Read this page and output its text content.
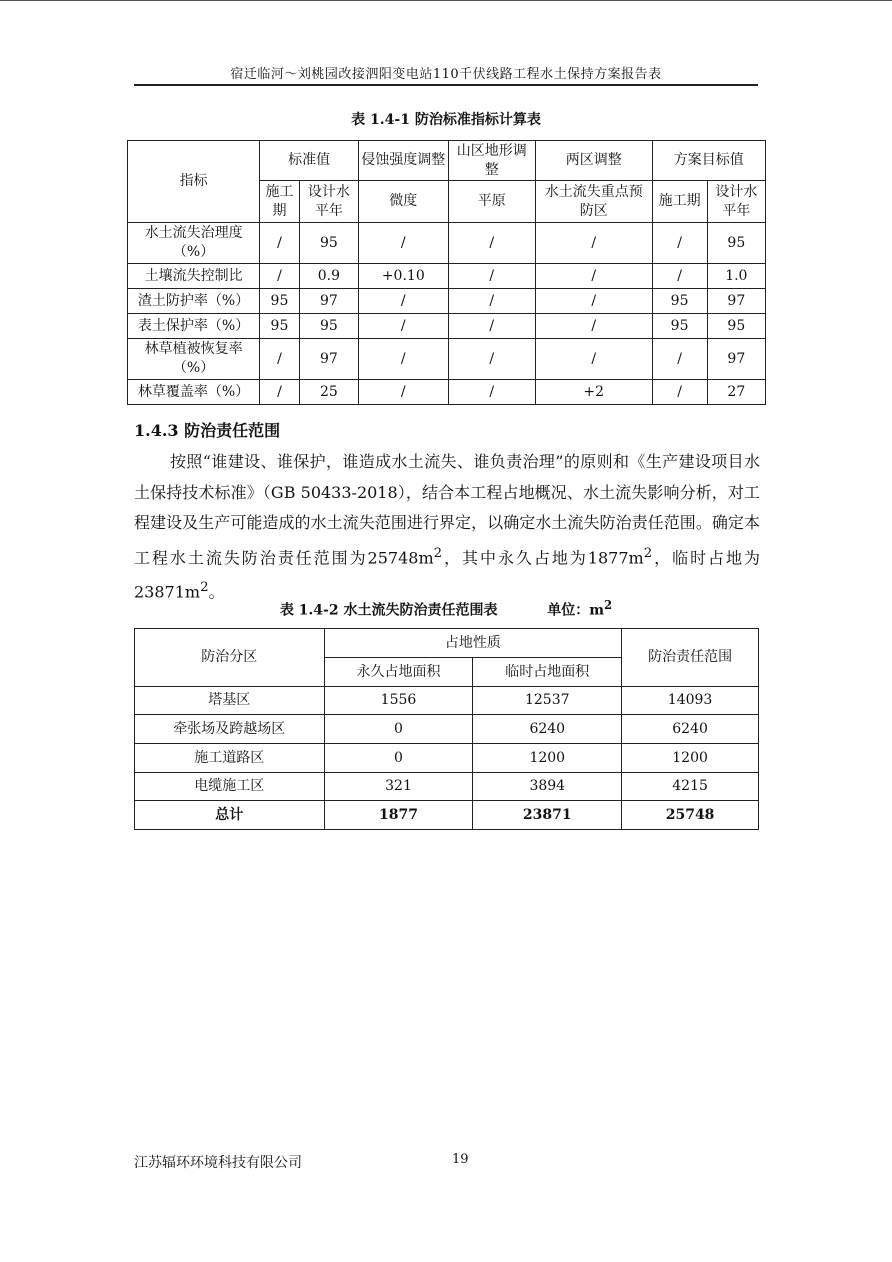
宿迁临河～刘桃园改接泗阳变电站110千伏线路工程水土保持方案报告表
表 1.4-1 防治标准指标计算表
指标	标准值		侵蚀强度调整	山区地形调整	两区调整	方案目标值	
	施工期	设计水平年	微度	平原	水土流失重点预防区	施工期	设计水平年
水土流失治理度（%）	/	95	/	/	/	/	95
土壤流失控制比	/	0.9	+0.10	/	/	/	1.0
渣土防护率（%）	95	97	/	/	/	95	97
表土保护率（%）	95	95	/	/	/	95	95
林草植被恢复率（%）	/	97	/	/	/	/	97
林草覆盖率（%）	/	25	/	/	+2	/	27
1.4.3 防治责任范围
按照“谁建设、谁保护，谁造成水土流失、谁负责治理”的原则和《生产建设项目水土保持技术标准》（GB 50433-2018），结合本工程占地概况、水土流失影响分析，对工程建设及生产可能造成的水土流失范围进行界定，以确定水土流失防治责任范围。确定本工程水土流失防治责任范围为$25748m^2$，其中永久占地为$1877m^2$，临时占地为$23871m^2$。
表 1.4-2 水土流失防治责任范围表	单位：$m^2$
防治分区	占地性质		防治责任范围
	永久占地面积	临时占地面积	
塔基区	1556	12537	14093
牵张场及跨越场区	0	6240	6240
施工道路区	0	1200	1200
电缆施工区	321	3894	4215
总计	1877	23871	25748
江苏辐环环境科技有限公司	19
